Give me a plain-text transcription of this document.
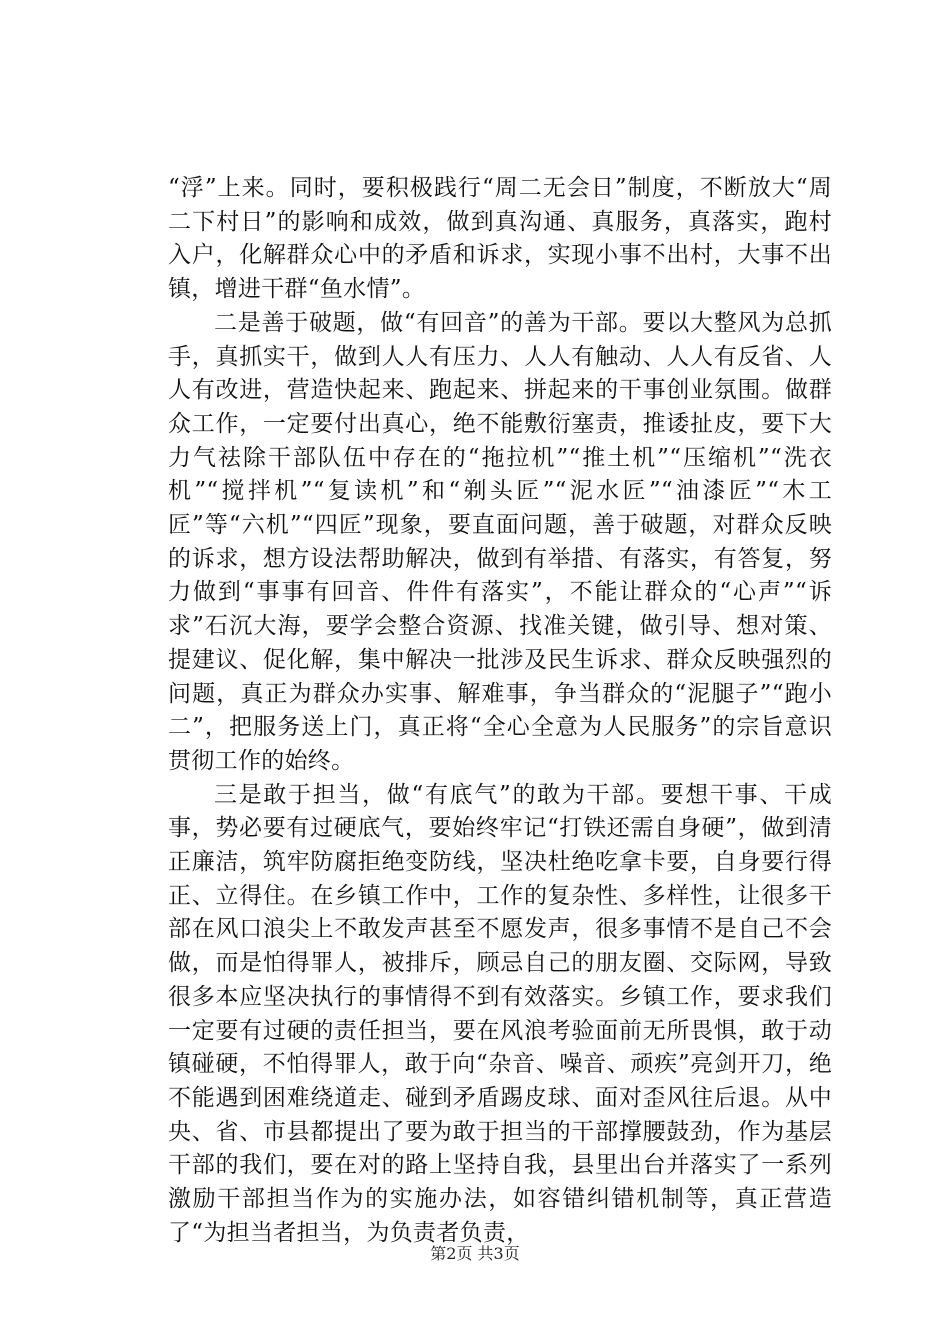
“浮”上来。同时，要积极践行“周二无会日”制度，不断放大“周二下村日”的影响和成效，做到真沟通、真服务，真落实，跑村入户，化解群众心中的矛盾和诉求，实现小事不出村，大事不出镇，增进干群“鱼水情”。

二是善于破题，做“有回音”的善为干部。要以大整风为总抓手，真抓实干，做到人人有压力、人人有触动、人人有反省、人人有改进，营造快起来、跑起来、拼起来的干事创业氛围。做群众工作，一定要付出真心，绝不能敷衍塞责，推诿扯皮，要下大力气祛除干部队伍中存在的“拖拉机”“推土机”“压缩机”“洗衣机”“搅拌机”“复读机”和“剃头匠”“泥水匠”“油漆匠”“木工匠”等“六机”“四匠”现象，要直面问题，善于破题，对群众反映的诉求，想方设法帮助解决，做到有举措、有落实，有答复，努力做到“事事有回音、件件有落实”，不能让群众的“心声”“诉求”石沉大海，要学会整合资源、找准关键，做引导、想对策、提建议、促化解，集中解决一批涉及民生诉求、群众反映强烈的问题，真正为群众办实事、解难事，争当群众的“泥腿子”“跑小二”，把服务送上门，真正将“全心全意为人民服务”的宗旨意识贯彻工作的始终。

三是敢于担当，做“有底气”的敢为干部。要想干事、干成事，势必要有过硬底气，要始终牢记“打铁还需自身硬”，做到清正廉洁，筑牢防腐拒绝变防线，坚决杜绝吃拿卡要，自身要行得正、立得住。在乡镇工作中，工作的复杂性、多样性，让很多干部在风口浪尖上不敢发声甚至不愿发声，很多事情不是自己不会做，而是怕得罪人，被排斥，顾忌自己的朋友圈、交际网，导致很多本应坚决执行的事情得不到有效落实。乡镇工作，要求我们一定要有过硬的责任担当，要在风浪考验面前无所畏惧，敢于动镇碰硬，不怕得罪人，敢于向“杂音、噪音、顽疾”亮剑开刀，绝不能遇到困难绕道走、碰到矛盾踢皮球、面对歪风往后退。从中央、省、市县都提出了要为敢于担当的干部撑腰鼓劲，作为基层干部的我们，要在对的路上坚持自我，县里出台并落实了一系列激励干部担当作为的实施办法，如容错纠错机制等，真正营造了“为担当者担当，为负责者负责，

第2页 共3页
